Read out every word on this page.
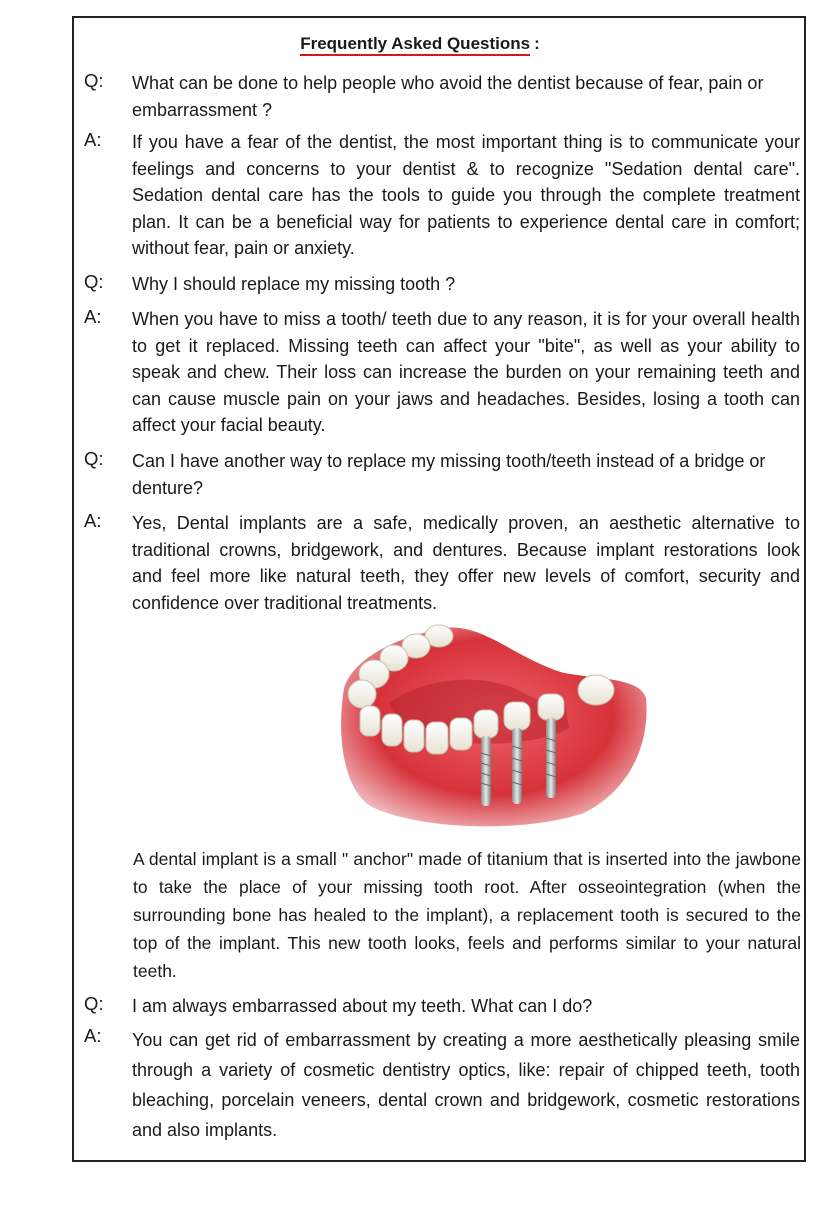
Frequently Asked Questions :
Q: What can be done to help people who avoid the dentist because of fear, pain or embarrassment ?
A: If you have a fear of the dentist, the most important thing is to communicate your feelings and concerns to your dentist & to recognize "Sedation dental care". Sedation dental care has the tools to guide you through the complete treatment plan. It can be a beneficial way for patients to experience dental care in comfort; without fear, pain or anxiety.
Q: Why I should replace my missing tooth ?
A: When you have to miss a tooth/ teeth due to any reason, it is for your overall health to get it replaced. Missing teeth can affect your "bite", as well as your ability to speak and chew. Their loss can increase the burden on your remaining teeth and can cause muscle pain on your jaws and headaches. Besides, losing a tooth can affect your facial beauty.
Q: Can I have another way to replace my missing tooth/teeth instead of a bridge or denture?
A: Yes, Dental implants are a safe, medically proven, an aesthetic alternative to traditional crowns, bridgework, and dentures. Because implant restorations look and feel more like natural teeth, they offer new levels of comfort, security and confidence over traditional treatments.
A dental implant is a small " anchor" made of titanium that is inserted into the jawbone to take the place of your missing tooth root. After osseointegration (when the surrounding bone has healed to the implant), a replacement tooth is secured to the top of the implant. This new tooth looks, feels and performs similar to your natural teeth.
Q: I am always embarrassed about my teeth. What can I do?
A: You can get rid of embarrassment by creating a more aesthetically pleasing smile through a variety of cosmetic dentistry optics, like: repair of chipped teeth, tooth bleaching, porcelain veneers, dental crown and bridgework, cosmetic restorations and also implants.
